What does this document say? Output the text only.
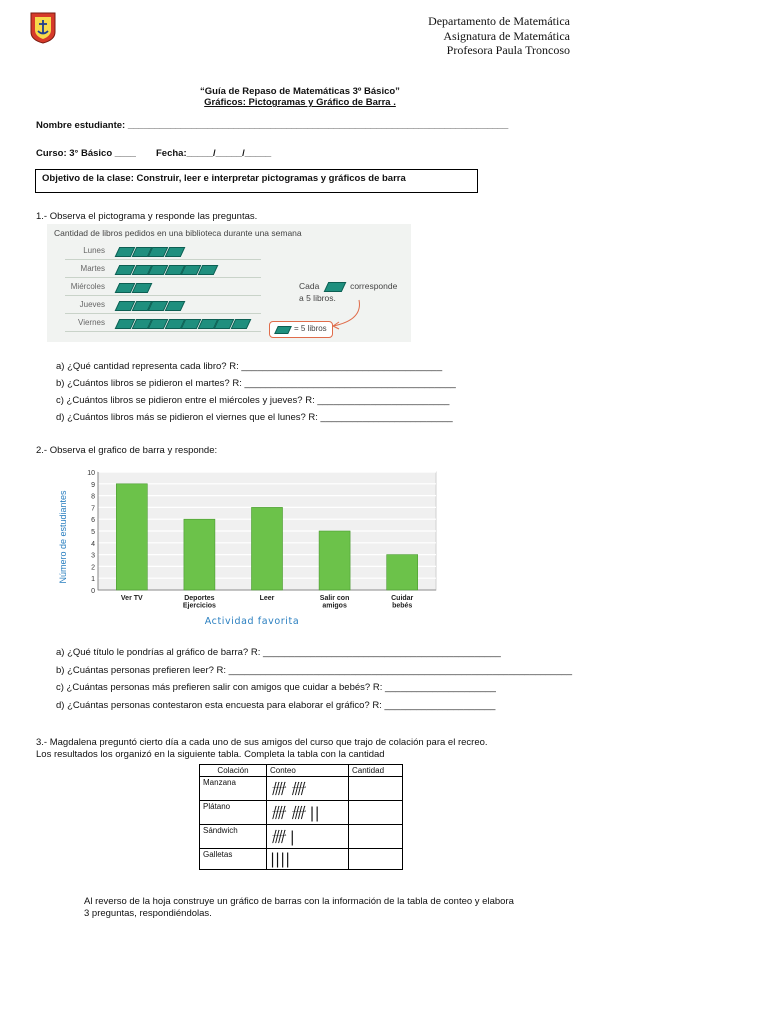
Departamento de Matemática
Asignatura de Matemática
Profesora Paula Troncoso
“Guía de Repaso de Matemáticas 3º Básico”
Gráficos: Pictogramas y Gráfico de Barra .
Nombre estudiante: ________________________________________________________________________
Curso: 3° Básico ____ Fecha:_____/_____/_____
Objetivo de la clase: Construir, leer e interpretar pictogramas y gráficos de barra
1.- Observa el pictograma y responde las preguntas.
Cantidad de libros pedidos en una biblioteca durante una semana
Lunes
Martes
Miércoles
Jueves
Viernes
Cada	corresponde
a 5 libros.
= 5 libros
a) ¿Qué cantidad representa cada libro? R: ______________________________________
b) ¿Cuántos libros se pidieron el martes? R: ________________________________________
c) ¿Cuántos libros se pidieron entre el miércoles y jueves? R: _________________________
d) ¿Cuántos libros más se pidieron el viernes que el lunes? R: _________________________
2.- Observa el grafico de barra y responde:
0
1
2
3
4
5
6
7
8
9
10
Ver TV	Deportes
Ejercicios
Leer	Salir con
amigos
Cuidar
bebés
Actividad favorita
Número de estudiantes
a) ¿Qué título le pondrías al gráfico de barra? R: _____________________________________________
b) ¿Cuántas personas prefieren leer? R: _________________________________________________________________
c) ¿Cuántas personas más prefieren salir con amigos que cuidar a bebés? R: _____________________
d) ¿Cuántas personas contestaron esta encuesta para elaborar el gráfico? R: _____________________
3.- Magdalena preguntó cierto día a cada uno de sus amigos del curso que trajo de colación para el recreo.
Los resultados los organizó en la siguiente tabla. Completa la tabla con la cantidad
Colación	Conteo	Cantidad
Manzana	卌 卌	
Plátano	卌 卌 ||	
Sándwich	卌 |	
Galletas	||||	
Al reverso de la hoja construye un gráfico de barras con la información de la tabla de conteo y elabora
3 preguntas, respondiéndolas.
